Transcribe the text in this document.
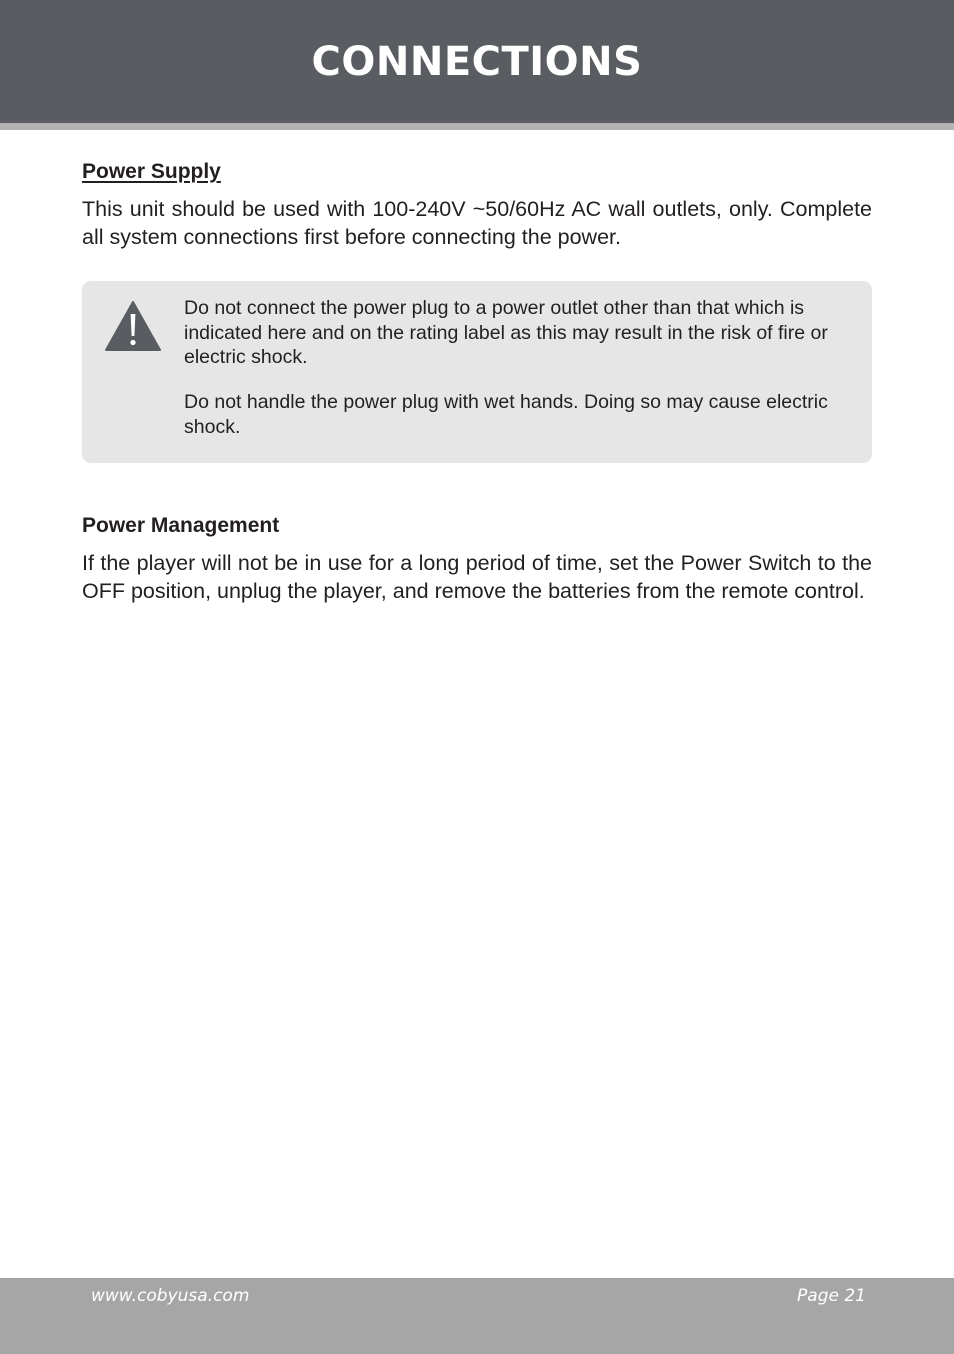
CONNECTIONS
Power Supply

This unit should be used with 100-240V ~50/60Hz AC wall outlets, only. Complete all system connections first before connecting the power.

Do not connect the power plug to a power outlet other than that which is indicated here and on the rating label as this may result in the risk of fire or electric shock.

Do not handle the power plug with wet hands. Doing so may cause electric shock.

Power Management

If the player will not be in use for a long period of time, set the Power Switch to the OFF position, unplug the player, and remove the batteries from the remote control.

www.cobyusa.com	Page 21
